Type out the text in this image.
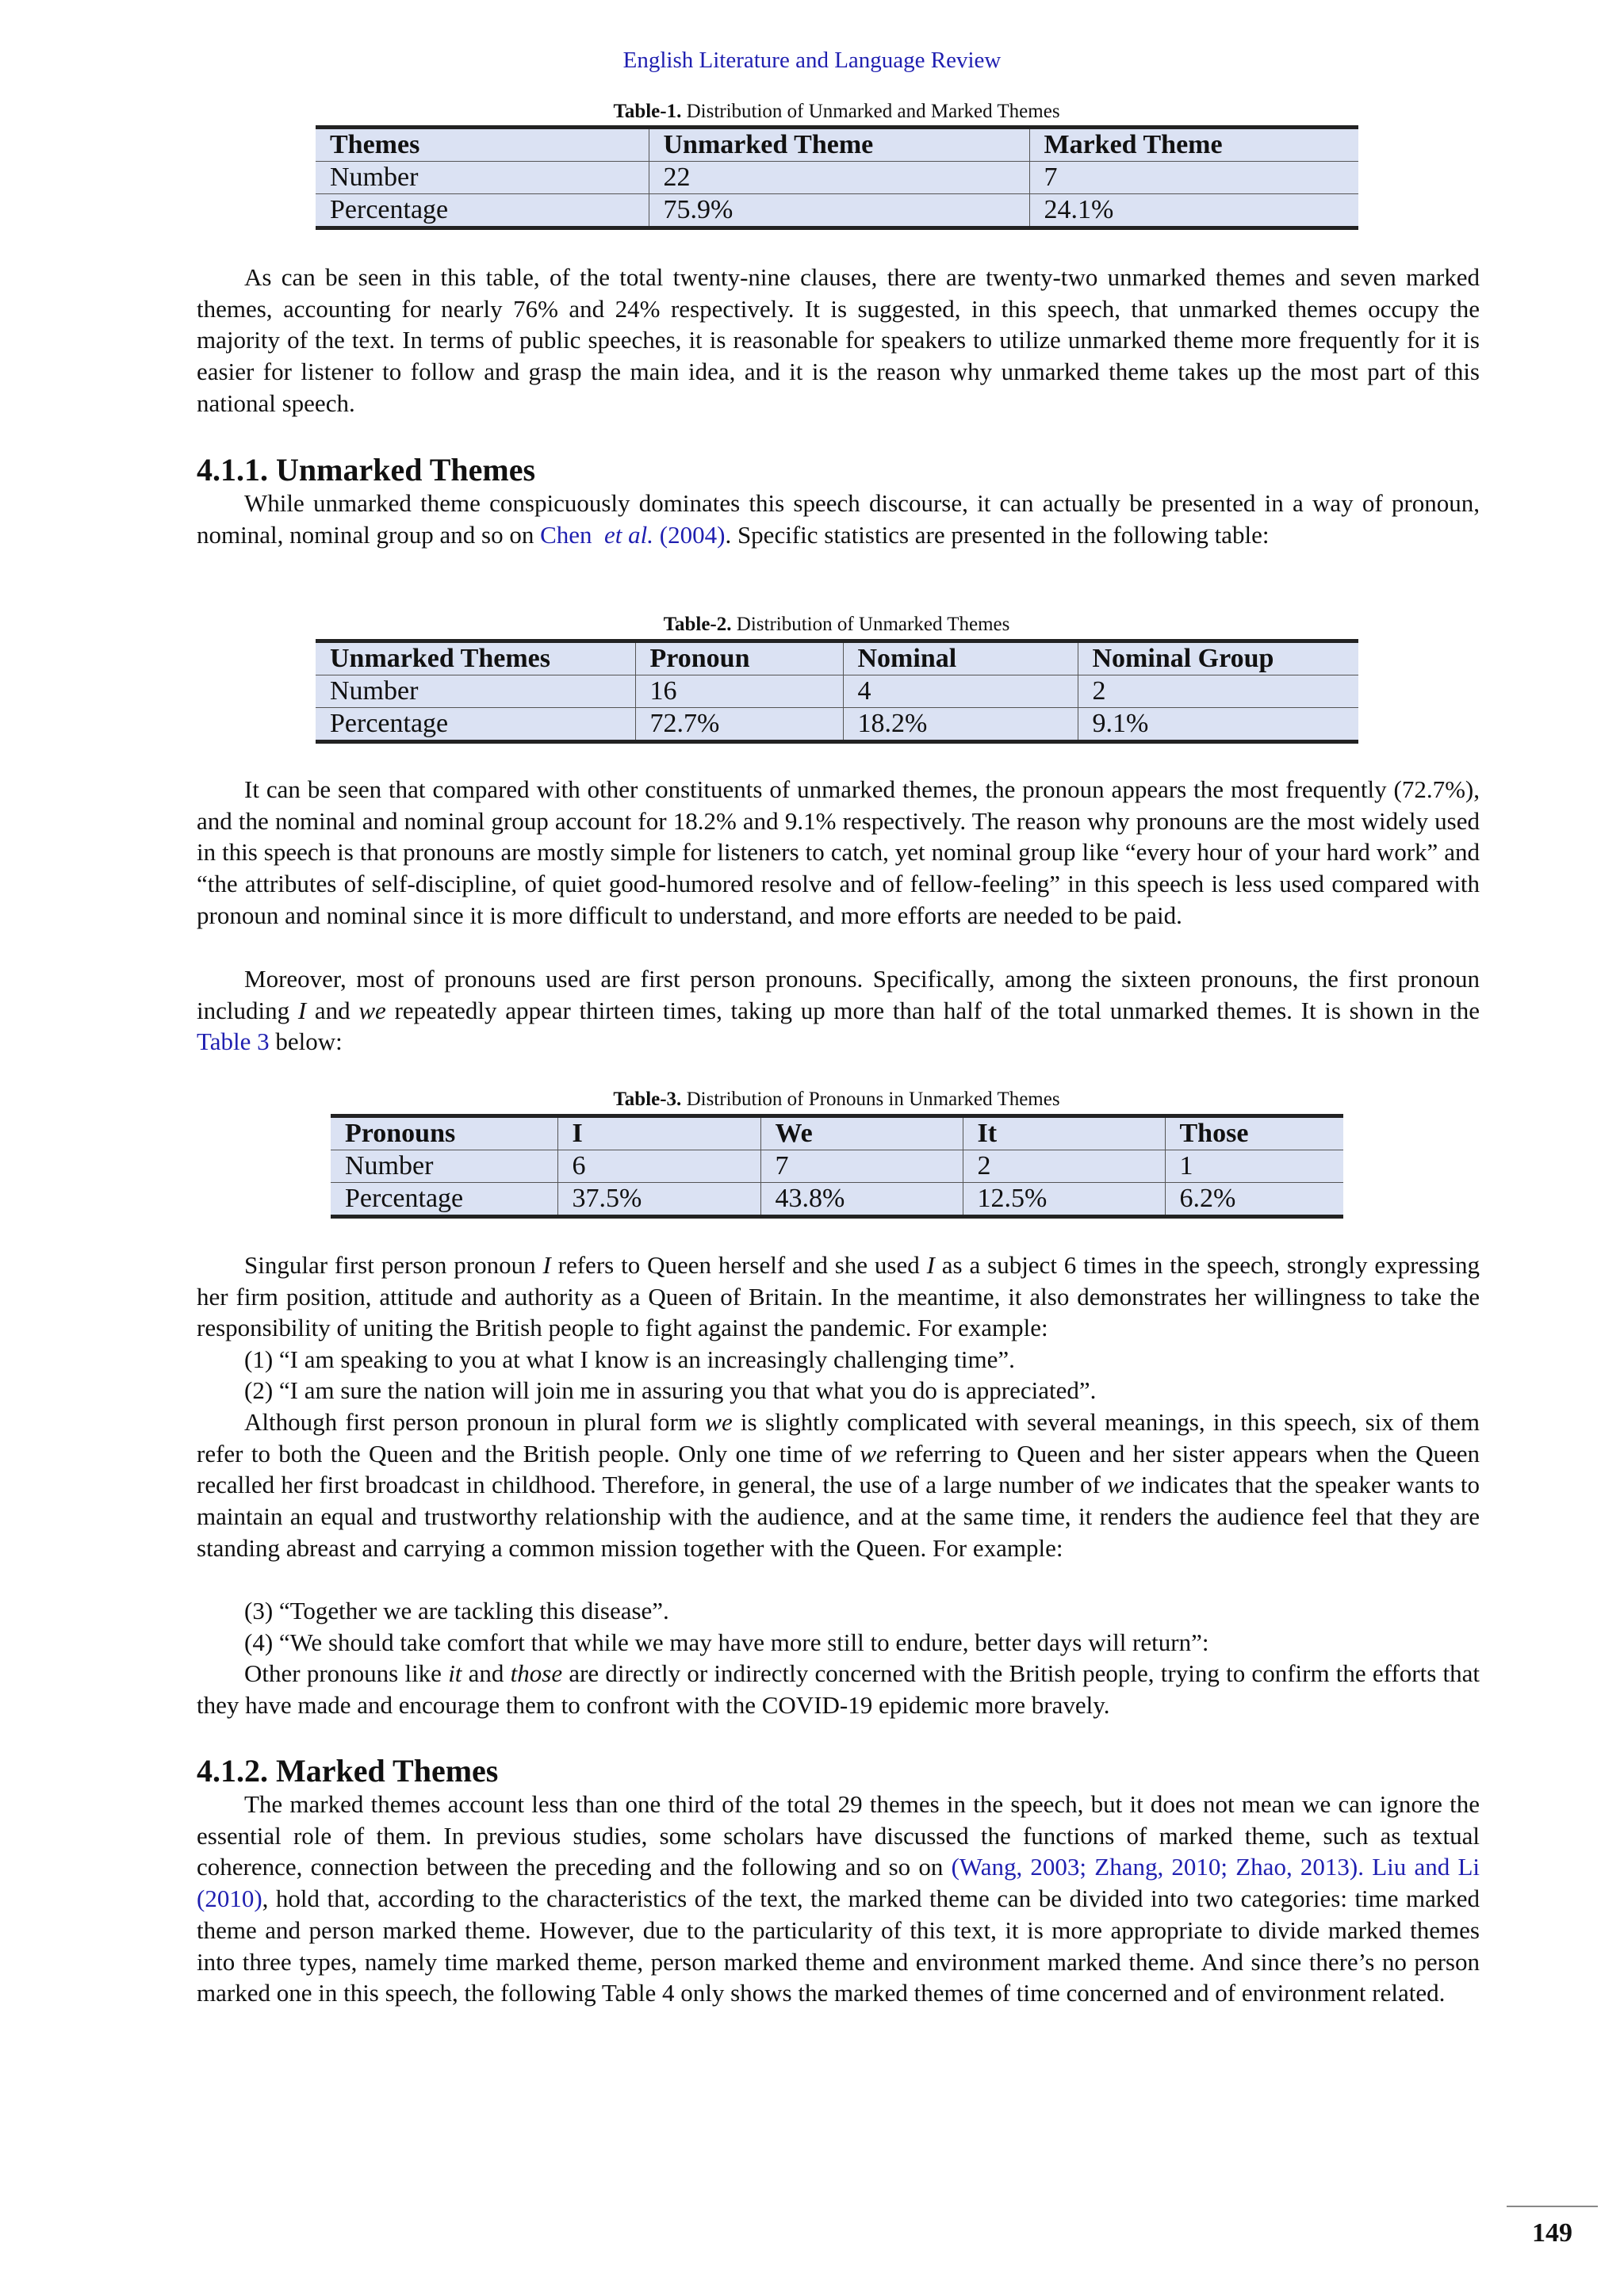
English Literature and Language Review
Table-1. Distribution of Unmarked and Marked Themes
Themes	Unmarked Theme	Marked Theme
Number	22	7
Percentage	75.9%	24.1%

As can be seen in this table, of the total twenty-nine clauses, there are twenty-two unmarked themes and seven marked themes, accounting for nearly 76% and 24% respectively. It is suggested, in this speech, that unmarked themes occupy the majority of the text. In terms of public speeches, it is reasonable for speakers to utilize unmarked theme more frequently for it is easier for listener to follow and grasp the main idea, and it is the reason why unmarked theme takes up the most part of this national speech.

4.1.1. Unmarked Themes

While unmarked theme conspicuously dominates this speech discourse, it can actually be presented in a way of pronoun, nominal, nominal group and so on Chen et al. (2004). Specific statistics are presented in the following table:

Table-2. Distribution of Unmarked Themes
Unmarked Themes	Pronoun	Nominal	Nominal Group
Number	16	4	2
Percentage	72.7%	18.2%	9.1%

It can be seen that compared with other constituents of unmarked themes, the pronoun appears the most frequently (72.7%), and the nominal and nominal group account for 18.2% and 9.1% respectively. The reason why pronouns are the most widely used in this speech is that pronouns are mostly simple for listeners to catch, yet nominal group like “every hour of your hard work” and “the attributes of self-discipline, of quiet good-humored resolve and of fellow-feeling” in this speech is less used compared with pronoun and nominal since it is more difficult to understand, and more efforts are needed to be paid.

Moreover, most of pronouns used are first person pronouns. Specifically, among the sixteen pronouns, the first pronoun including I and we repeatedly appear thirteen times, taking up more than half of the total unmarked themes. It is shown in the Table 3 below:

Table-3. Distribution of Pronouns in Unmarked Themes
Pronouns	I	We	It	Those
Number	6	7	2	1
Percentage	37.5%	43.8%	12.5%	6.2%

Singular first person pronoun I refers to Queen herself and she used I as a subject 6 times in the speech, strongly expressing her firm position, attitude and authority as a Queen of Britain. In the meantime, it also demonstrates her willingness to take the responsibility of uniting the British people to fight against the pandemic. For example:

(1) “I am speaking to you at what I know is an increasingly challenging time”.
(2) “I am sure the nation will join me in assuring you that what you do is appreciated”.

Although first person pronoun in plural form we is slightly complicated with several meanings, in this speech, six of them refer to both the Queen and the British people. Only one time of we referring to Queen and her sister appears when the Queen recalled her first broadcast in childhood. Therefore, in general, the use of a large number of we indicates that the speaker wants to maintain an equal and trustworthy relationship with the audience, and at the same time, it renders the audience feel that they are standing abreast and carrying a common mission together with the Queen. For example:

(3) “Together we are tackling this disease”.
(4) “We should take comfort that while we may have more still to endure, better days will return”:

Other pronouns like it and those are directly or indirectly concerned with the British people, trying to confirm the efforts that they have made and encourage them to confront with the COVID-19 epidemic more bravely.

4.1.2. Marked Themes

The marked themes account less than one third of the total 29 themes in the speech, but it does not mean we can ignore the essential role of them. In previous studies, some scholars have discussed the functions of marked theme, such as textual coherence, connection between the preceding and the following and so on (Wang, 2003; Zhang, 2010; Zhao, 2013). Liu and Li (2010), hold that, according to the characteristics of the text, the marked theme can be divided into two categories: time marked theme and person marked theme. However, due to the particularity of this text, it is more appropriate to divide marked themes into three types, namely time marked theme, person marked theme and environment marked theme. And since there’s no person marked one in this speech, the following Table 4 only shows the marked themes of time concerned and of environment related.

149
